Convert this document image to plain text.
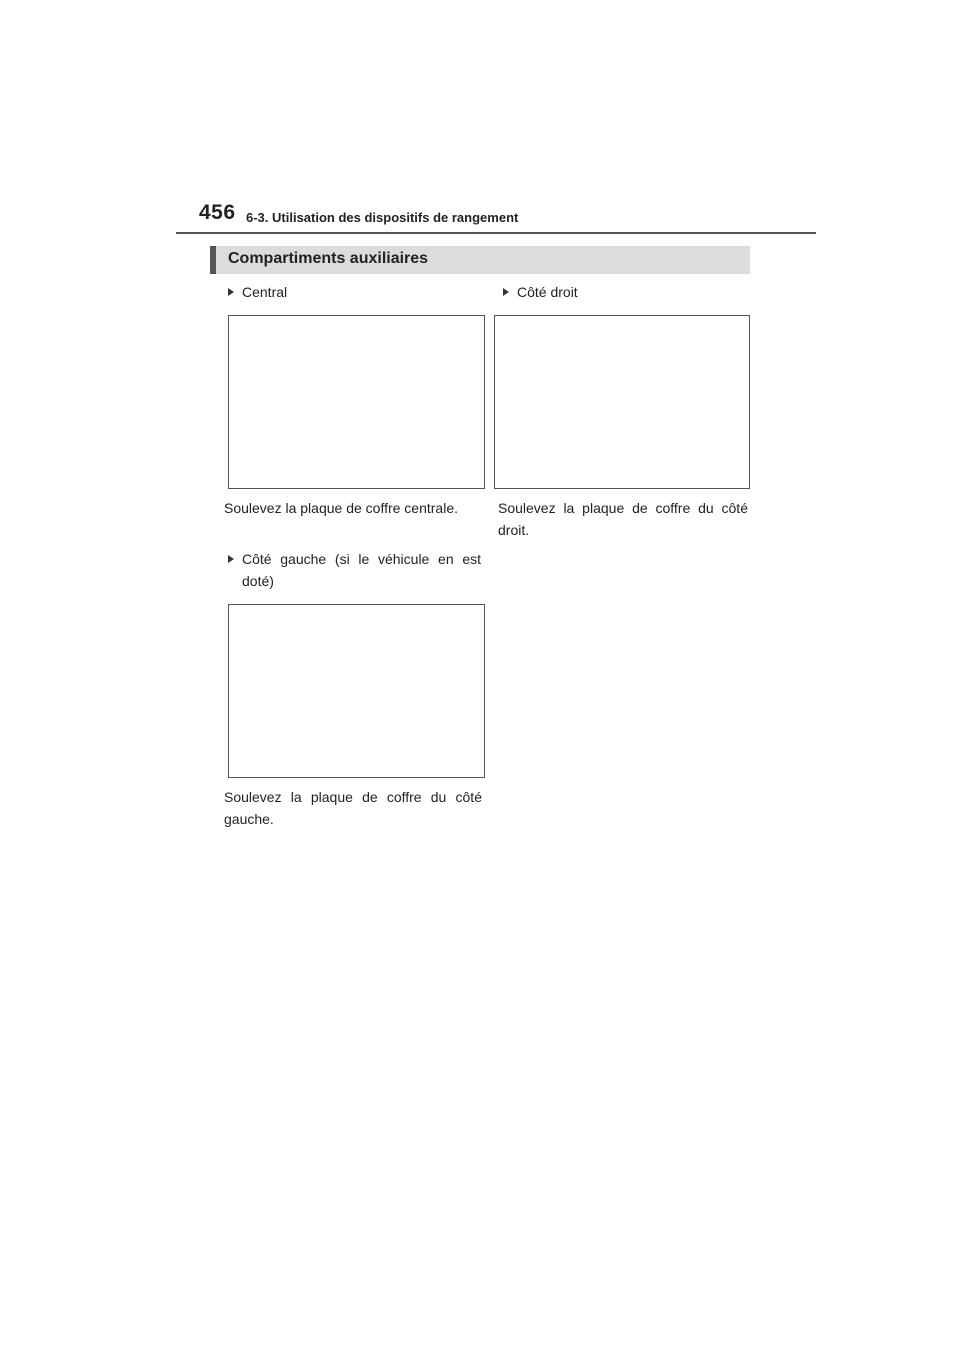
456 6-3. Utilisation des dispositifs de rangement
Compartiments auxiliaires
Central
Soulevez la plaque de coffre centrale.
Côté droit
Soulevez la plaque de coffre du côté droit.
Côté gauche (si le véhicule en est doté)
Soulevez la plaque de coffre du côté gauche.
